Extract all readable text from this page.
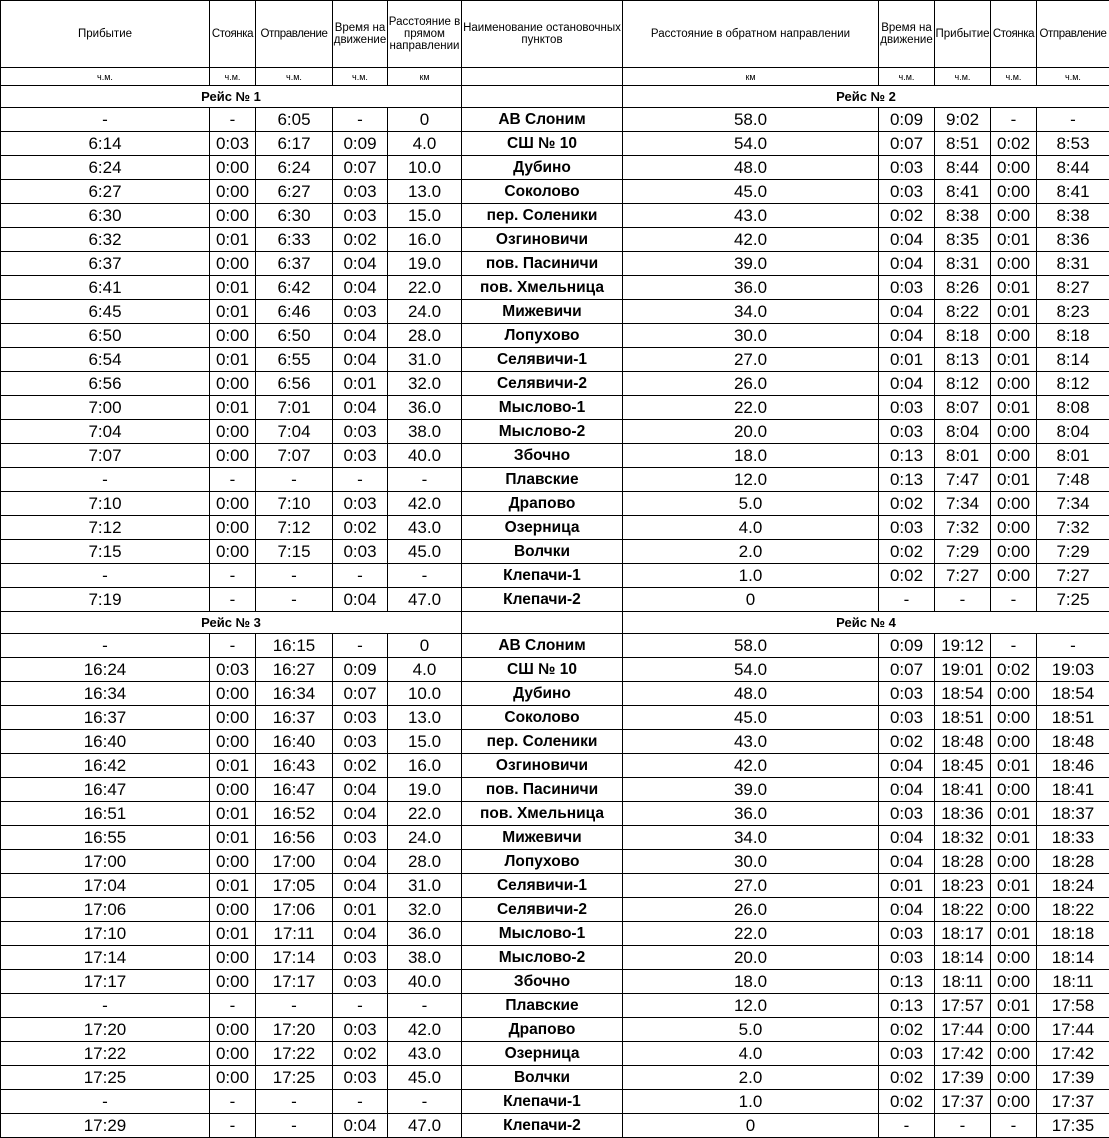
Прибытие	Стоянка	Отправление	Время на движение	Расстояние в прямом направлении	Наименование остановочных пунктов	Расстояние в обратном направлении	Время на движение	Прибытие	Стоянка	Отправление
ч.м.	ч.м.	ч.м.	ч.м.	км		км	ч.м.	ч.м.	ч.м.	ч.м.
Рейс № 1						Рейс № 2				
-	-	6:05	-	0	АВ Слоним	58.0	0:09	9:02	-	-
6:14	0:03	6:17	0:09	4.0	СШ № 10	54.0	0:07	8:51	0:02	8:53
6:24	0:00	6:24	0:07	10.0	Дубино	48.0	0:03	8:44	0:00	8:44
6:27	0:00	6:27	0:03	13.0	Соколово	45.0	0:03	8:41	0:00	8:41
6:30	0:00	6:30	0:03	15.0	пер. Соленики	43.0	0:02	8:38	0:00	8:38
6:32	0:01	6:33	0:02	16.0	Озгиновичи	42.0	0:04	8:35	0:01	8:36
6:37	0:00	6:37	0:04	19.0	пов. Пасиничи	39.0	0:04	8:31	0:00	8:31
6:41	0:01	6:42	0:04	22.0	пов. Хмельница	36.0	0:03	8:26	0:01	8:27
6:45	0:01	6:46	0:03	24.0	Мижевичи	34.0	0:04	8:22	0:01	8:23
6:50	0:00	6:50	0:04	28.0	Лопухово	30.0	0:04	8:18	0:00	8:18
6:54	0:01	6:55	0:04	31.0	Селявичи-1	27.0	0:01	8:13	0:01	8:14
6:56	0:00	6:56	0:01	32.0	Селявичи-2	26.0	0:04	8:12	0:00	8:12
7:00	0:01	7:01	0:04	36.0	Мыслово-1	22.0	0:03	8:07	0:01	8:08
7:04	0:00	7:04	0:03	38.0	Мыслово-2	20.0	0:03	8:04	0:00	8:04
7:07	0:00	7:07	0:03	40.0	Збочно	18.0	0:13	8:01	0:00	8:01
-	-	-	-	-	Плавские	12.0	0:13	7:47	0:01	7:48
7:10	0:00	7:10	0:03	42.0	Драпово	5.0	0:02	7:34	0:00	7:34
7:12	0:00	7:12	0:02	43.0	Озерница	4.0	0:03	7:32	0:00	7:32
7:15	0:00	7:15	0:03	45.0	Волчки	2.0	0:02	7:29	0:00	7:29
-	-	-	-	-	Клепачи-1	1.0	0:02	7:27	0:00	7:27
7:19	-	-	0:04	47.0	Клепачи-2	0	-	-	-	7:25
Рейс № 3						Рейс № 4				
-	-	16:15	-	0	АВ Слоним	58.0	0:09	19:12	-	-
16:24	0:03	16:27	0:09	4.0	СШ № 10	54.0	0:07	19:01	0:02	19:03
16:34	0:00	16:34	0:07	10.0	Дубино	48.0	0:03	18:54	0:00	18:54
16:37	0:00	16:37	0:03	13.0	Соколово	45.0	0:03	18:51	0:00	18:51
16:40	0:00	16:40	0:03	15.0	пер. Соленики	43.0	0:02	18:48	0:00	18:48
16:42	0:01	16:43	0:02	16.0	Озгиновичи	42.0	0:04	18:45	0:01	18:46
16:47	0:00	16:47	0:04	19.0	пов. Пасиничи	39.0	0:04	18:41	0:00	18:41
16:51	0:01	16:52	0:04	22.0	пов. Хмельница	36.0	0:03	18:36	0:01	18:37
16:55	0:01	16:56	0:03	24.0	Мижевичи	34.0	0:04	18:32	0:01	18:33
17:00	0:00	17:00	0:04	28.0	Лопухово	30.0	0:04	18:28	0:00	18:28
17:04	0:01	17:05	0:04	31.0	Селявичи-1	27.0	0:01	18:23	0:01	18:24
17:06	0:00	17:06	0:01	32.0	Селявичи-2	26.0	0:04	18:22	0:00	18:22
17:10	0:01	17:11	0:04	36.0	Мыслово-1	22.0	0:03	18:17	0:01	18:18
17:14	0:00	17:14	0:03	38.0	Мыслово-2	20.0	0:03	18:14	0:00	18:14
17:17	0:00	17:17	0:03	40.0	Збочно	18.0	0:13	18:11	0:00	18:11
-	-	-	-	-	Плавские	12.0	0:13	17:57	0:01	17:58
17:20	0:00	17:20	0:03	42.0	Драпово	5.0	0:02	17:44	0:00	17:44
17:22	0:00	17:22	0:02	43.0	Озерница	4.0	0:03	17:42	0:00	17:42
17:25	0:00	17:25	0:03	45.0	Волчки	2.0	0:02	17:39	0:00	17:39
-	-	-	-	-	Клепачи-1	1.0	0:02	17:37	0:00	17:37
17:29	-	-	0:04	47.0	Клепачи-2	0	-	-	-	17:35
